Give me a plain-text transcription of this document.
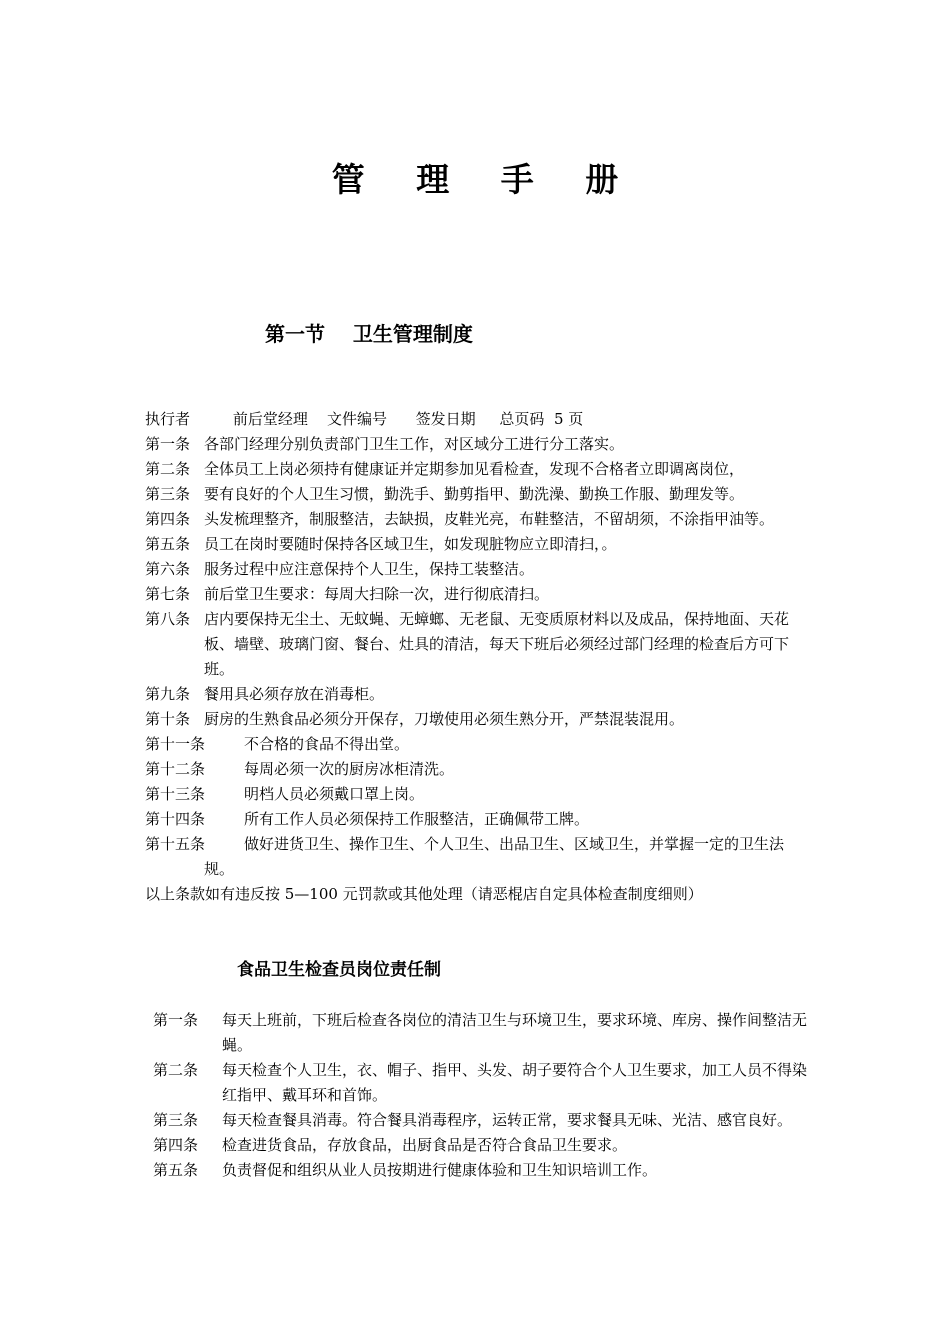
管 理 手 册
第一节    卫生管理制度
执行者         前后堂经理    文件编号      签发日期     总页码  5 页
第一条 各部门经理分别负责部门卫生工作，对区域分工进行分工落实。
第二条 全体员工上岗必须持有健康证并定期参加见看检查，发现不合格者立即调离岗位，
第三条 要有良好的个人卫生习惯，勤洗手、勤剪指甲、勤洗澡、勤换工作服、勤理发等。
第四条 头发梳理整齐，制服整洁，去缺损，皮鞋光亮，布鞋整洁，不留胡须，不涂指甲油等。
第五条 员工在岗时要随时保持各区域卫生，如发现脏物应立即清扫，。
第六条 服务过程中应注意保持个人卫生，保持工装整洁。
第七条 前后堂卫生要求：每周大扫除一次，进行彻底清扫。
第八条 店内要保持无尘土、无蚊蝇、无蟑螂、无老鼠、无变质原材料以及成品，保持地面、天花板、墙壁、玻璃门窗、餐台、灶具的清洁，每天下班后必须经过部门经理的检查后方可下班。
第九条 餐用具必须存放在消毒柜。
第十条 厨房的生熟食品必须分开保存，刀墩使用必须生熟分开，严禁混装混用。
第十一条	不合格的食品不得出堂。
第十二条	每周必须一次的厨房冰柜清洗。
第十三条	明档人员必须戴口罩上岗。
第十四条	所有工作人员必须保持工作服整洁，正确佩带工牌。
第十五条	做好进货卫生、操作卫生、个人卫生、出品卫生、区域卫生，并掌握一定的卫生法规。
以上条款如有违反按 5—100 元罚款或其他处理（请恶棍店自定具体检查制度细则）
食品卫生检查员岗位责任制
第一条	每天上班前，下班后检查各岗位的清洁卫生与环境卫生，要求环境、库房、操作间整洁无蝇。
第二条	每天检查个人卫生，衣、帽子、指甲、头发、胡子要符合个人卫生要求，加工人员不得染红指甲、戴耳环和首饰。
第三条	每天检查餐具消毒。符合餐具消毒程序，运转正常，要求餐具无味、光洁、感官良好。
第四条	检查进货食品，存放食品，出厨食品是否符合食品卫生要求。
第五条	负责督促和组织从业人员按期进行健康体验和卫生知识培训工作。
